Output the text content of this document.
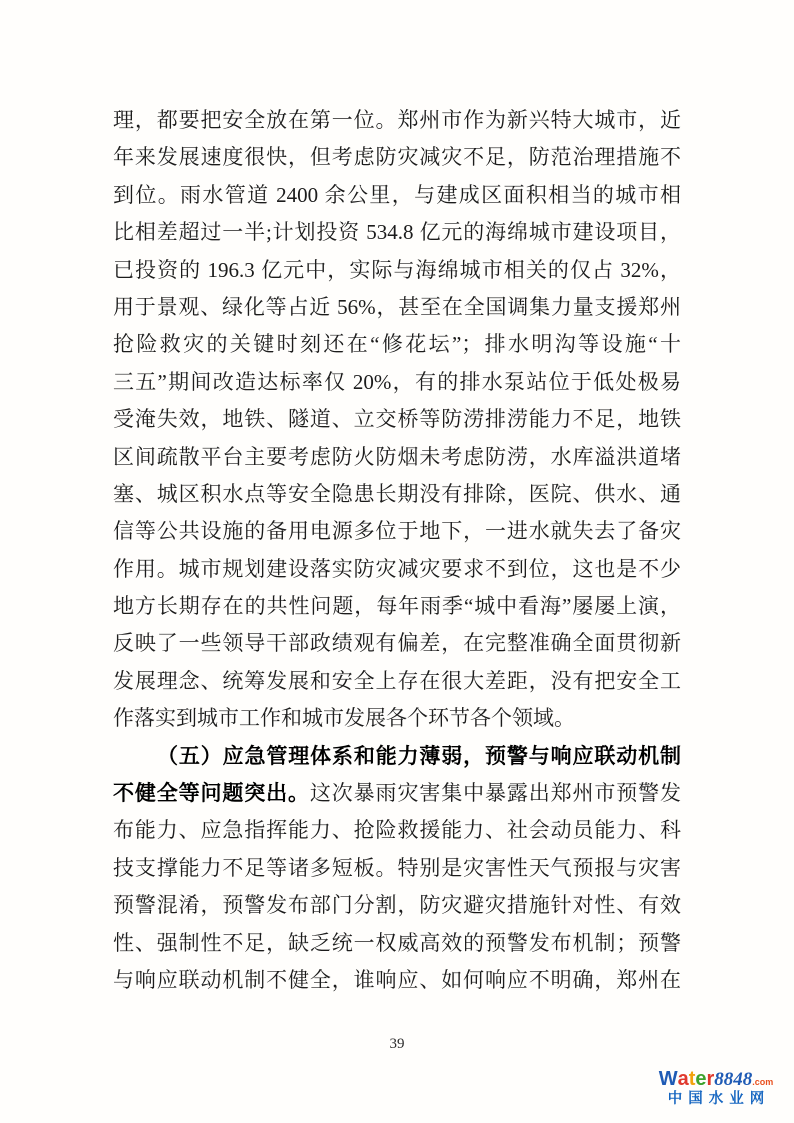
理，都要把安全放在第一位。郑州市作为新兴特大城市，近
年来发展速度很快，但考虑防灾减灾不足，防范治理措施不
到位。雨水管道 2400 余公里，与建成区面积相当的城市相
比相差超过一半;计划投资 534.8 亿元的海绵城市建设项目，
已投资的 196.3 亿元中，实际与海绵城市相关的仅占 32%，
用于景观、绿化等占近 56%，甚至在全国调集力量支援郑州
抢险救灾的关键时刻还在“修花坛”；排水明沟等设施“十
三五”期间改造达标率仅 20%，有的排水泵站位于低处极易
受淹失效，地铁、隧道、立交桥等防涝排涝能力不足，地铁
区间疏散平台主要考虑防火防烟未考虑防涝，水库溢洪道堵
塞、城区积水点等安全隐患长期没有排除，医院、供水、通
信等公共设施的备用电源多位于地下，一进水就失去了备灾
作用。城市规划建设落实防灾减灾要求不到位，这也是不少
地方长期存在的共性问题，每年雨季“城中看海”屡屡上演，
反映了一些领导干部政绩观有偏差，在完整准确全面贯彻新
发展理念、统筹发展和安全上存在很大差距，没有把安全工
作落实到城市工作和城市发展各个环节各个领域。
（五）应急管理体系和能力薄弱，预警与响应联动机制
不健全等问题突出。这次暴雨灾害集中暴露出郑州市预警发
布能力、应急指挥能力、抢险救援能力、社会动员能力、科
技支撑能力不足等诸多短板。特别是灾害性天气预报与灾害
预警混淆，预警发布部门分割，防灾避灾措施针对性、有效
性、强制性不足，缺乏统一权威高效的预警发布机制；预警
与响应联动机制不健全，谁响应、如何响应不明确，郑州在
39
Water8848.com
中国水业网
